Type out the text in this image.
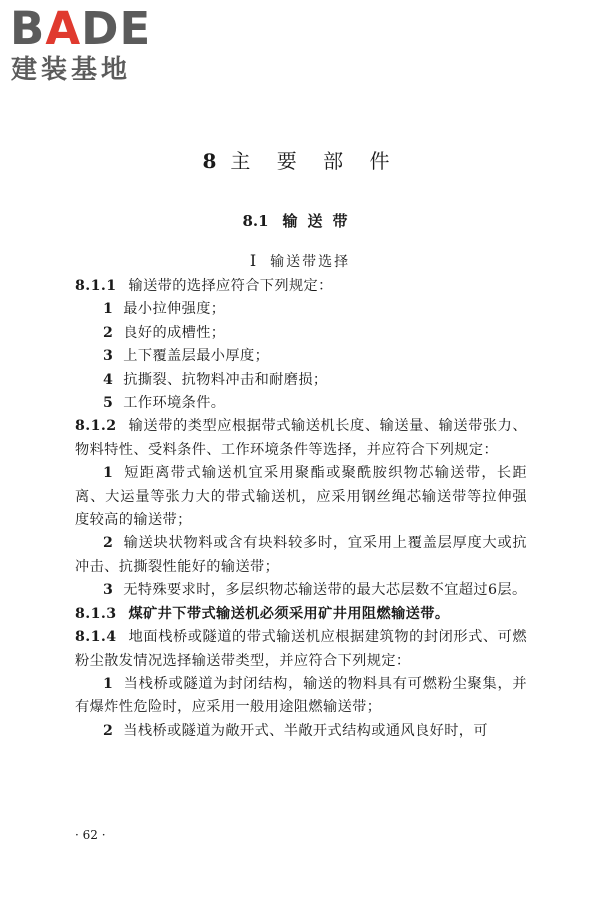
BADE
建装基地
8 主 要 部 件
8.1 输送带
Ⅰ 输送带选择

8.1.1 输送带的选择应符合下列规定：

1 最小拉伸强度；

2 良好的成槽性；

3 上下覆盖层最小厚度；

4 抗撕裂、抗物料冲击和耐磨损；

5 工作环境条件。

8.1.2 输送带的类型应根据带式输送机长度、输送量、输送带张力、物料特性、受料条件、工作环境条件等选择，并应符合下列规定：

1 短距离带式输送机宜采用聚酯或聚酰胺织物芯输送带，长距离、大运量等张力大的带式输送机，应采用钢丝绳芯输送带等拉伸强度较高的输送带；

2 输送块状物料或含有块料较多时，宜采用上覆盖层厚度大或抗冲击、抗撕裂性能好的输送带；

3 无特殊要求时，多层织物芯输送带的最大芯层数不宜超过6层。

8.1.3 煤矿井下带式输送机必须采用矿井用阻燃输送带。

8.1.4 地面栈桥或隧道的带式输送机应根据建筑物的封闭形式、可燃粉尘散发情况选择输送带类型，并应符合下列规定：

1 当栈桥或隧道为封闭结构，输送的物料具有可燃粉尘聚集，并有爆炸性危险时，应采用一般用途阻燃输送带；

2 当栈桥或隧道为敞开式、半敞开式结构或通风良好时，可

· 62 ·
